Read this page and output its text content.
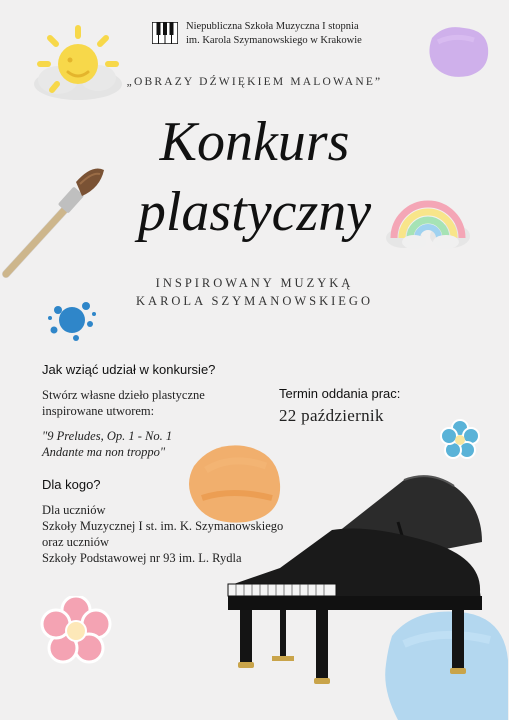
Niepubliczna Szkoła Muzyczna I stopnia
im. Karola Szymanowskiego w Krakowie
„OBRAZY DŹWIĘKIEM MALOWANE”
Konkurs
plastyczny
INSPIROWANY MUZYKĄ
KAROLA SZYMANOWSKIEGO
Jak wziąć udział w konkursie?
Stwórz własne dzieło plastyczne
inspirowane utworem:
"9 Preludes, Op. 1 - No. 1
Andante ma non troppo"
Termin oddania prac:
22 październik
Dla kogo?
Dla uczniów
Szkoły Muzycznej I st. im. K. Szymanowskiego
oraz uczniów
Szkoły Podstawowej nr 93 im. L. Rydla
